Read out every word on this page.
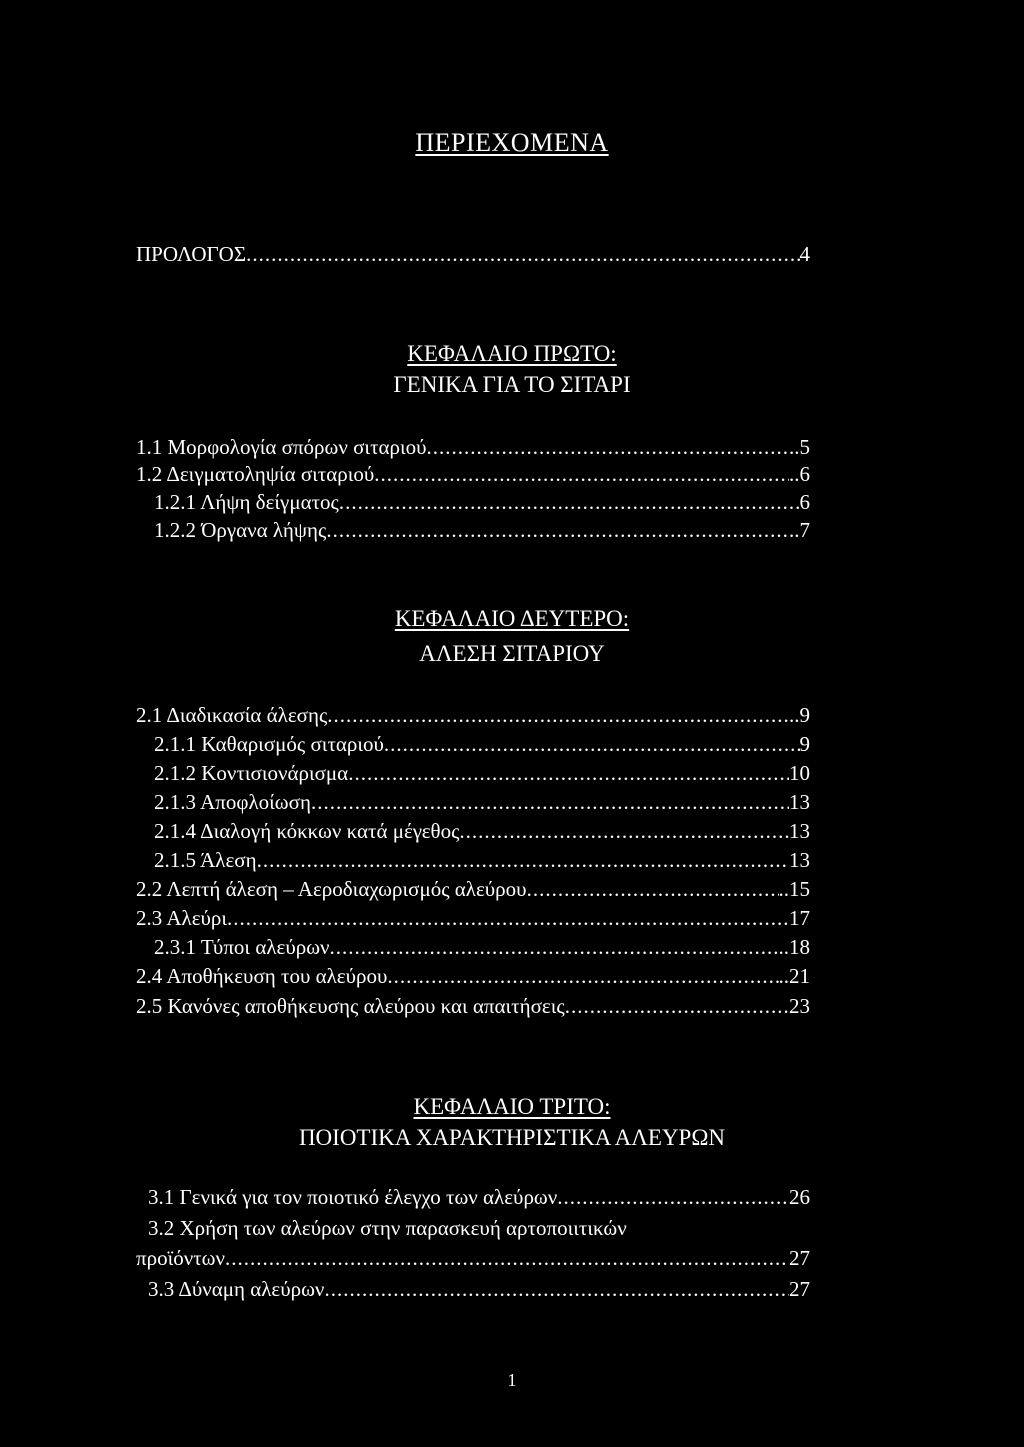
ΠΕΡΙΕΧΟΜΕΝΑ
ΠΡΟΛΟΓΟΣ .....	4
ΚΕΦΑΛΑΙΟ ΠΡΩΤΟ:
ΓΕΝΙΚΑ ΓΙΑ ΤΟ ΣΙΤΑΡΙ
1.1 Μορφολογία σπόρων σιταριού .....	..5
1.2 Δειγματοληψία σιταριού .....	..6
1.2.1 Λήψη δείγματος .....	6
1.2.2 Όργανα λήψης .....	..7
ΚΕΦΑΛΑΙΟ ΔΕΥΤΕΡΟ:
ΑΛΕΣΗ ΣΙΤΑΡΙΟΥ
2.1 Διαδικασία άλεσης .....	..9
2.1.1 Καθαρισμός σιταριού .....	9
2.1.2 Κοντισιονάρισμα .....	10
2.1.3 Αποφλοίωση .....	13
2.1.4 Διαλογή κόκκων κατά μέγεθος .....	13
2.1.5 Άλεση .....	13
2.2 Λεπτή άλεση – Αεροδιαχωρισμός αλεύρου .....	..15
2.3 Αλεύρι .....	17
2.3.1 Τύποι αλεύρων .....	..18
2.4 Αποθήκευση του αλεύρου .....	..21
2.5 Κανόνες αποθήκευσης αλεύρου και απαιτήσεις .....	23
ΚΕΦΑΛΑΙΟ ΤΡΙΤΟ:
ΠΟΙΟΤΙΚΑ ΧΑΡΑΚΤΗΡΙΣΤΙΚΑ ΑΛΕΥΡΩΝ
3.1 Γενικά για τον ποιοτικό έλεγχο των αλεύρων .....	26
3.2 Χρήση των αλεύρων στην παρασκευή αρτοποιιτικών
προϊόντων .....	27
3.3 Δύναμη αλεύρων .....	27
1
